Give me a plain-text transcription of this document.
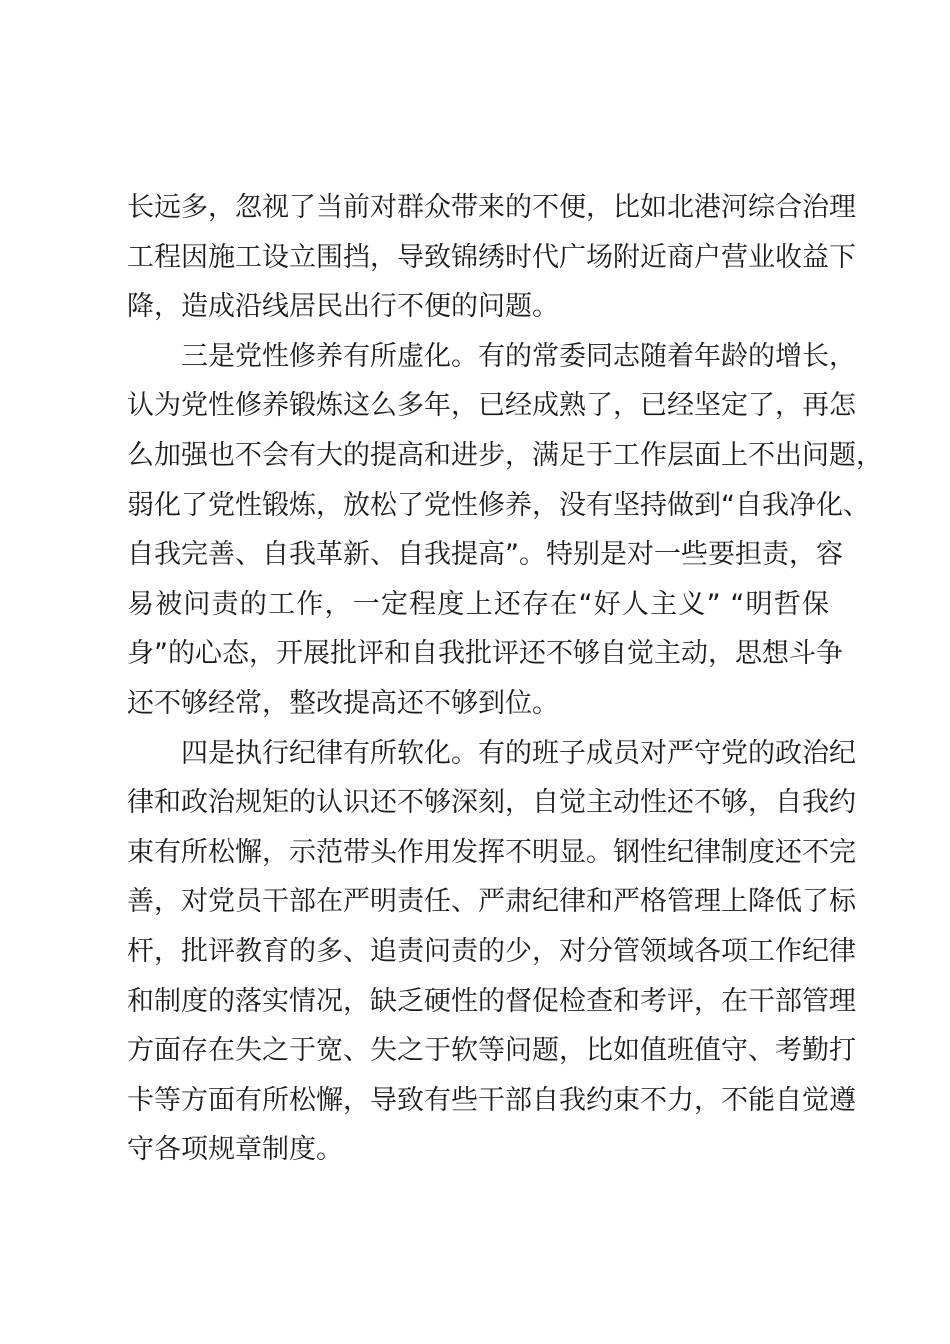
长远多，忽视了当前对群众带来的不便，比如北港河综合治理
工程因施工设立围挡，导致锦绣时代广场附近商户营业收益下
降，造成沿线居民出行不便的问题。
三是党性修养有所虚化。有的常委同志随着年龄的增长，
认为党性修养锻炼这么多年，已经成熟了，已经坚定了，再怎
么加强也不会有大的提高和进步，满足于工作层面上不出问题，
弱化了党性锻炼，放松了党性修养，没有坚持做到“自我净化、
自我完善、自我革新、自我提高”。特别是对一些要担责，容
易被问责的工作，一定程度上还存在“好人主义” “明哲保
身”的心态，开展批评和自我批评还不够自觉主动，思想斗争
还不够经常，整改提高还不够到位。
四是执行纪律有所软化。有的班子成员对严守党的政治纪
律和政治规矩的认识还不够深刻，自觉主动性还不够，自我约
束有所松懈，示范带头作用发挥不明显。钢性纪律制度还不完
善，对党员干部在严明责任、严肃纪律和严格管理上降低了标
杆，批评教育的多、追责问责的少，对分管领域各项工作纪律
和制度的落实情况，缺乏硬性的督促检查和考评，在干部管理
方面存在失之于宽、失之于软等问题，比如值班值守、考勤打
卡等方面有所松懈，导致有些干部自我约束不力，不能自觉遵
守各项规章制度。
